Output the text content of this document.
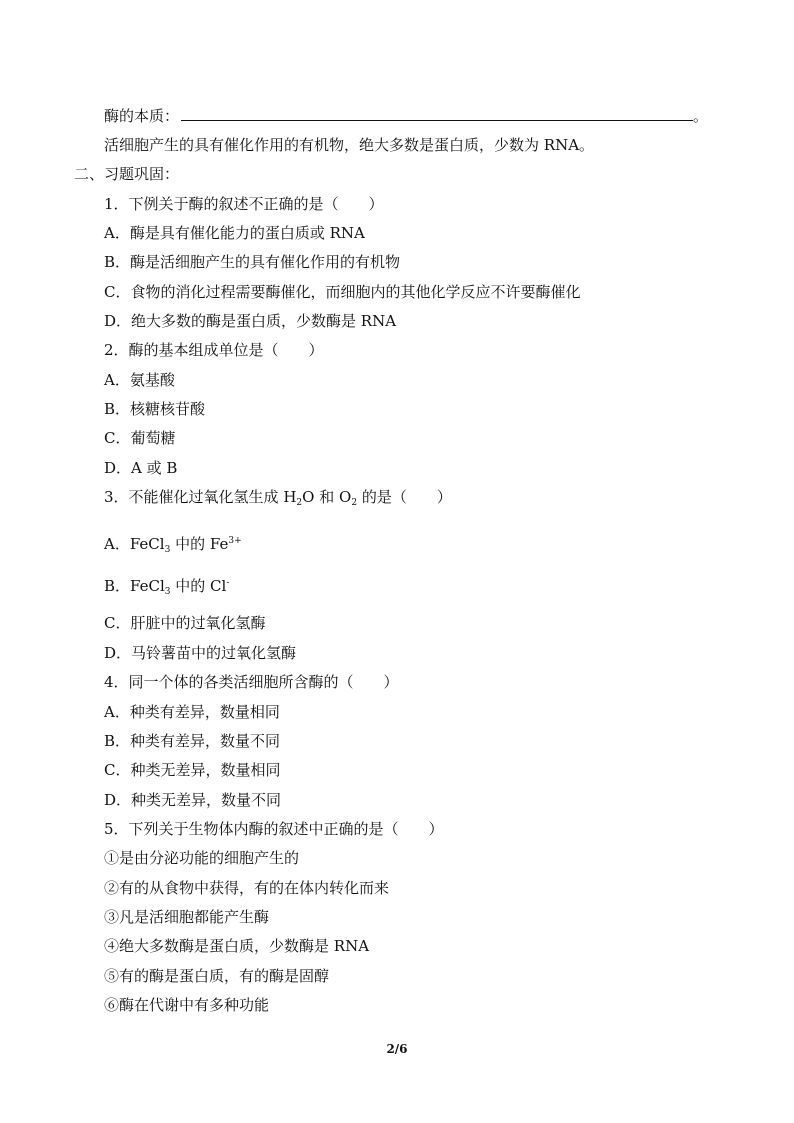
酶的本质：	。
活细胞产生的具有催化作用的有机物，绝大多数是蛋白质，少数为 RNA。
二、习题巩固：
1．下例关于酶的叙述不正确的是（　　）
A．酶是具有催化能力的蛋白质或 RNA
B．酶是活细胞产生的具有催化作用的有机物
C．食物的消化过程需要酶催化，而细胞内的其他化学反应不许要酶催化
D．绝大多数的酶是蛋白质，少数酶是 RNA
2．酶的基本组成单位是（　　）
A．氨基酸
B．核糖核苷酸
C．葡萄糖
D．A 或 B
3．不能催化过氧化氢生成 $H_2O$ 和 $O_2$ 的是（　　）
A．FeCl$_3$ 中的 $Fe^{3+}$
B．FeCl$_3$ 中的 Cl-
C．肝脏中的过氧化氢酶
D．马铃薯苗中的过氧化氢酶
4．同一个体的各类活细胞所含酶的（　　）
A．种类有差异，数量相同
B．种类有差异，数量不同
C．种类无差异，数量相同
D．种类无差异，数量不同
5．下列关于生物体内酶的叙述中正确的是（　　）
①是由分泌功能的细胞产生的
②有的从食物中获得，有的在体内转化而来
③凡是活细胞都能产生酶
④绝大多数酶是蛋白质，少数酶是 RNA
⑤有的酶是蛋白质，有的酶是固醇
⑥酶在代谢中有多种功能
2/6
